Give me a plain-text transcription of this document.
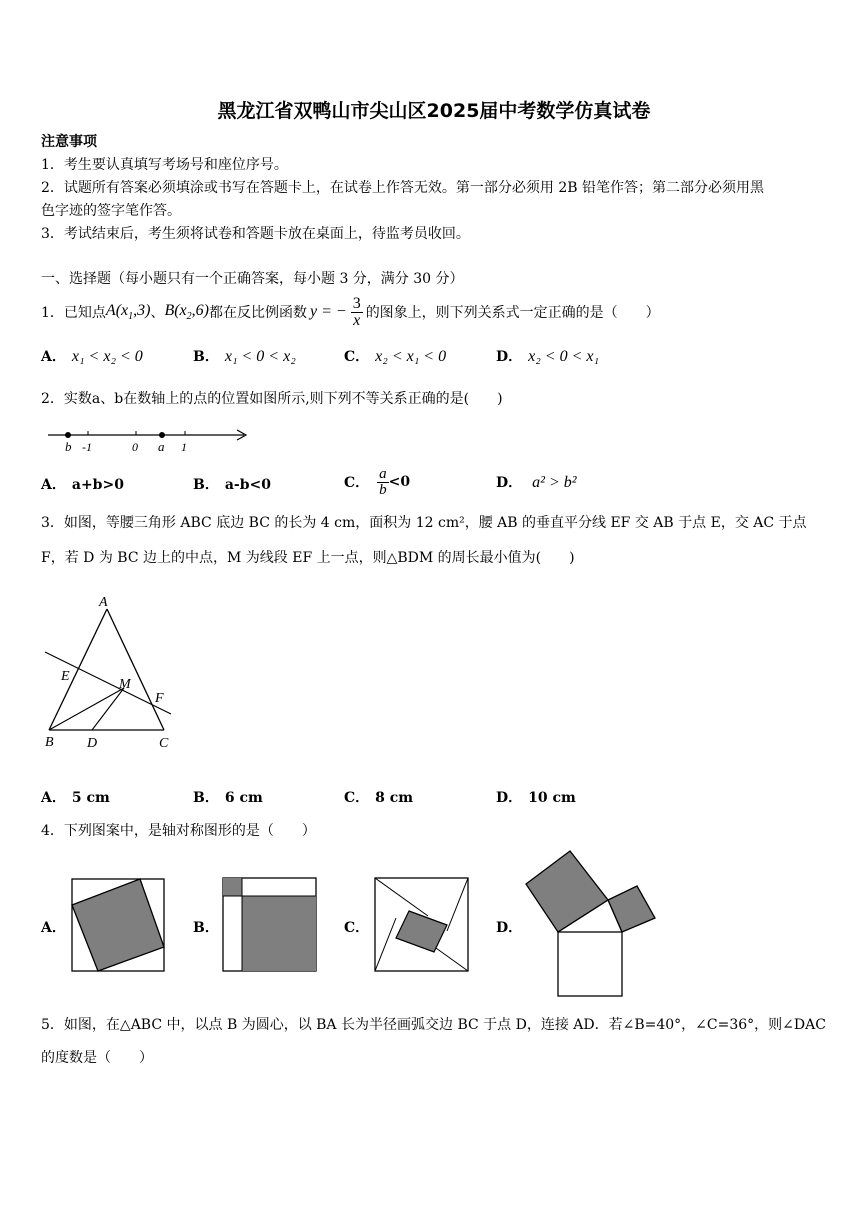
黑龙江省双鸭山市尖山区2025届中考数学仿真试卷
注意事项
1．考生要认真填写考场号和座位序号。
2．试题所有答案必须填涂或书写在答题卡上，在试卷上作答无效。第一部分必须用 2B 铅笔作答；第二部分必须用黑
色字迹的签字笔作答。
3．考试结束后，考生须将试卷和答题卡放在桌面上，待监考员收回。
一、选择题（每小题只有一个正确答案，每小题 3 分，满分 30 分）
1． 已知点 $A(x_1,3)$ 、 $B(x_2,6)$ 都在反比例函数 y = − $\frac{3}{x}$ 的图象上，则下列关系式一定正确的是（　　）
A． x₁ < x₂ < 0	B． x₁ < 0 < x₂	C． x₂ < x₁ < 0	D． x₂ < 0 < x₁
2．实数a、b在数轴上的点的位置如图所示,则下列不等关系正确的是(　　)
b -1	0 a 1
A． a+b>0	B． a-b<0	C． $\frac{a}{b} <0$	D． a² > b²
3．如图，等腰三角形 ABC 底边 BC 的长为 4 cm，面积为 12 cm²，腰 AB 的垂直平分线 EF 交 AB 于点 E，交 AC 于点
F，若 D 为 BC 边上的中点，M 为线段 EF 上一点，则△BDM 的周长最小值为(　　)
A
E
M
F
B D	C
A． 5 cm	B． 6 cm	C． 8 cm	D． 10 cm
4．下列图案中，是轴对称图形的是（　　）
A．	B．	C．	D．
5．如图，在△ABC 中，以点 B 为圆心，以 BA 长为半径画弧交边 BC 于点 D，连接 AD．若∠B=40°，∠C=36°，则∠DAC
的度数是（　　）
